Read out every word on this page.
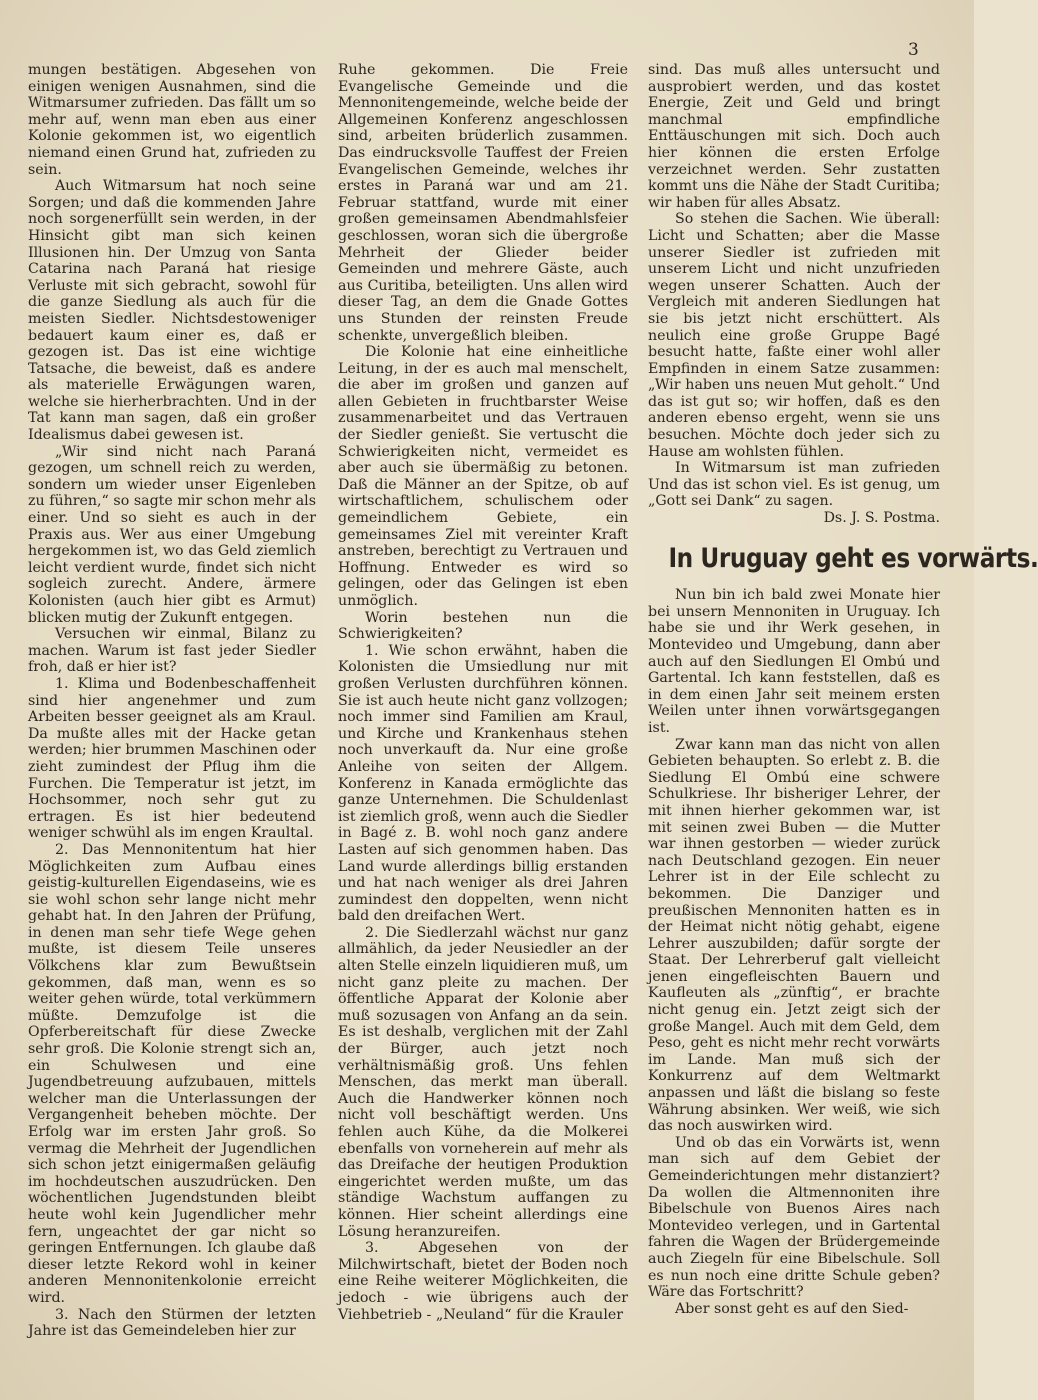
3

mungen bestätigen. Abgesehen von einigen wenigen Ausnahmen, sind die Witmarsumer zufrieden. Das fällt um so mehr auf, wenn man eben aus einer Kolonie gekommen ist, wo eigentlich niemand einen Grund hat, zufrieden zu sein.

Auch Witmarsum hat noch seine Sorgen; und daß die kommenden Jahre noch sorgenerfüllt sein werden, in der Hinsicht gibt man sich keinen Illusionen hin. Der Umzug von Santa Catarina nach Paraná hat riesige Verluste mit sich gebracht, sowohl für die ganze Siedlung als auch für die meisten Siedler. Nichtsdestoweniger bedauert kaum einer es, daß er gezogen ist. Das ist eine wichtige Tatsache, die beweist, daß es andere als materielle Erwägungen waren, welche sie hierherbrachten. Und in der Tat kann man sagen, daß ein großer Idealismus dabei gewesen ist.

„Wir sind nicht nach Paraná gezogen, um schnell reich zu werden, sondern um wieder unser Eigenleben zu führen,“ so sagte mir schon mehr als einer. Und so sieht es auch in der Praxis aus. Wer aus einer Umgebung hergekommen ist, wo das Geld ziemlich leicht verdient wurde, findet sich nicht sogleich zurecht. Andere, ärmere Kolonisten (auch hier gibt es Armut) blicken mutig der Zukunft entgegen.

Versuchen wir einmal, Bilanz zu machen. Warum ist fast jeder Siedler froh, daß er hier ist?

1. Klima und Bodenbeschaffenheit sind hier angenehmer und zum Arbeiten besser geeignet als am Kraul. Da mußte alles mit der Hacke getan werden; hier brummen Maschinen oder zieht zumindest der Pflug ihm die Furchen. Die Temperatur ist jetzt, im Hochsommer, noch sehr gut zu ertragen. Es ist hier bedeutend weniger schwühl als im engen Kraultal.

2. Das Mennonitentum hat hier Möglichkeiten zum Aufbau eines geistig-kulturellen Eigendaseins, wie es sie wohl schon sehr lange nicht mehr gehabt hat. In den Jahren der Prüfung, in denen man sehr tiefe Wege gehen mußte, ist diesem Teile unseres Völkchens klar zum Bewußtsein gekommen, daß man, wenn es so weiter gehen würde, total verkümmern müßte. Demzufolge ist die Opferbereitschaft für diese Zwecke sehr groß. Die Kolonie strengt sich an, ein Schulwesen und eine Jugendbetreuung aufzubauen, mittels welcher man die Unterlassungen der Vergangenheit beheben möchte. Der Erfolg war im ersten Jahr groß. So vermag die Mehrheit der Jugendlichen sich schon jetzt einigermaßen geläufig im hochdeutschen auszudrücken. Den wöchentlichen Jugendstunden bleibt heute wohl kein Jugendlicher mehr fern, ungeachtet der gar nicht so geringen Entfernungen. Ich glaube daß dieser letzte Rekord wohl in keiner anderen Mennonitenkolonie erreicht wird.

3. Nach den Stürmen der letzten Jahre ist das Gemeindeleben hier zur

Ruhe gekommen. Die Freie Evangelische Gemeinde und die Mennonitengemeinde, welche beide der Allgemeinen Konferenz angeschlossen sind, arbeiten brüderlich zusammen. Das eindrucksvolle Tauffest der Freien Evangelischen Gemeinde, welches ihr erstes in Paraná war und am 21. Februar stattfand, wurde mit einer großen gemeinsamen Abendmahlsfeier geschlossen, woran sich die übergroße Mehrheit der Glieder beider Gemeinden und mehrere Gäste, auch aus Curitiba, beteiligten. Uns allen wird dieser Tag, an dem die Gnade Gottes uns Stunden der reinsten Freude schenkte, unvergeßlich bleiben.

Die Kolonie hat eine einheitliche Leitung, in der es auch mal menschelt, die aber im großen und ganzen auf allen Gebieten in fruchtbarster Weise zusammenarbeitet und das Vertrauen der Siedler genießt. Sie vertuscht die Schwierigkeiten nicht, vermeidet es aber auch sie übermäßig zu betonen. Daß die Männer an der Spitze, ob auf wirtschaftlichem, schulischem oder gemeindlichem Gebiete, ein gemeinsames Ziel mit vereinter Kraft anstreben, berechtigt zu Vertrauen und Hoffnung. Entweder es wird so gelingen, oder das Gelingen ist eben unmöglich.

Worin bestehen nun die Schwierigkeiten?

1. Wie schon erwähnt, haben die Kolonisten die Umsiedlung nur mit großen Verlusten durchführen können. Sie ist auch heute nicht ganz vollzogen; noch immer sind Familien am Kraul, und Kirche und Krankenhaus stehen noch unverkauft da. Nur eine große Anleihe von seiten der Allgem. Konferenz in Kanada ermöglichte das ganze Unternehmen. Die Schuldenlast ist ziemlich groß, wenn auch die Siedler in Bagé z. B. wohl noch ganz andere Lasten auf sich genommen haben. Das Land wurde allerdings billig erstanden und hat nach weniger als drei Jahren zumindest den doppelten, wenn nicht bald den dreifachen Wert.

2. Die Siedlerzahl wächst nur ganz allmählich, da jeder Neusiedler an der alten Stelle einzeln liquidieren muß, um nicht ganz pleite zu machen. Der öffentliche Apparat der Kolonie aber muß sozusagen von Anfang an da sein. Es ist deshalb, verglichen mit der Zahl der Bürger, auch jetzt noch verhältnismäßig groß. Uns fehlen Menschen, das merkt man überall. Auch die Handwerker können noch nicht voll beschäftigt werden. Uns fehlen auch Kühe, da die Molkerei ebenfalls von vorneherein auf mehr als das Dreifache der heutigen Produktion eingerichtet werden mußte, um das ständige Wachstum auffangen zu können. Hier scheint allerdings eine Lösung heranzureifen.

3. Abgesehen von der Milchwirtschaft, bietet der Boden noch eine Reihe weiterer Möglichkeiten, die jedoch - wie übrigens auch der Viehbetrieb - „Neuland“ für die Krauler

sind. Das muß alles untersucht und ausprobiert werden, und das kostet Energie, Zeit und Geld und bringt manchmal empfindliche Enttäuschungen mit sich. Doch auch hier können die ersten Erfolge verzeichnet werden. Sehr zustatten kommt uns die Nähe der Stadt Curitiba; wir haben für alles Absatz.

So stehen die Sachen. Wie überall: Licht und Schatten; aber die Masse unserer Siedler ist zufrieden mit unserem Licht und nicht unzufrieden wegen unserer Schatten. Auch der Vergleich mit anderen Siedlungen hat sie bis jetzt nicht erschüttert. Als neulich eine große Gruppe Bagé besucht hatte, faßte einer wohl aller Empfinden in einem Satze zusammen: „Wir haben uns neuen Mut geholt.“ Und das ist gut so; wir hoffen, daß es den anderen ebenso ergeht, wenn sie uns besuchen. Möchte doch jeder sich zu Hause am wohlsten fühlen.

In Witmarsum ist man zufrieden Und das ist schon viel. Es ist genug, um „Gott sei Dank“ zu sagen.

Ds. J. S. Postma.

In Uruguay geht es vorwärts.

Nun bin ich bald zwei Monate hier bei unsern Mennoniten in Uruguay. Ich habe sie und ihr Werk gesehen, in Montevideo und Umgebung, dann aber auch auf den Siedlungen El Ombú und Gartental. Ich kann feststellen, daß es in dem einen Jahr seit meinem ersten Weilen unter ihnen vorwärtsgegangen ist.

Zwar kann man das nicht von allen Gebieten behaupten. So erlebt z. B. die Siedlung El Ombú eine schwere Schulkriese. Ihr bisheriger Lehrer, der mit ihnen hierher gekommen war, ist mit seinen zwei Buben — die Mutter war ihnen gestorben — wieder zurück nach Deutschland gezogen. Ein neuer Lehrer ist in der Eile schlecht zu bekommen. Die Danziger und preußischen Mennoniten hatten es in der Heimat nicht nötig gehabt, eigene Lehrer auszubilden; dafür sorgte der Staat. Der Lehrerberuf galt vielleicht jenen eingefleischten Bauern und Kaufleuten als „zünftig“, er brachte nicht genug ein. Jetzt zeigt sich der große Mangel. Auch mit dem Geld, dem Peso, geht es nicht mehr recht vorwärts im Lande. Man muß sich der Konkurrenz auf dem Weltmarkt anpassen und läßt die bislang so feste Währung absinken. Wer weiß, wie sich das noch auswirken wird.

Und ob das ein Vorwärts ist, wenn man sich auf dem Gebiet der Gemeinderichtungen mehr distanziert? Da wollen die Altmennoniten ihre Bibelschule von Buenos Aires nach Montevideo verlegen, und in Gartental fahren die Wagen der Brüdergemeinde auch Ziegeln für eine Bibelschule. Soll es nun noch eine dritte Schule geben? Wäre das Fortschritt?

Aber sonst geht es auf den Sied-
